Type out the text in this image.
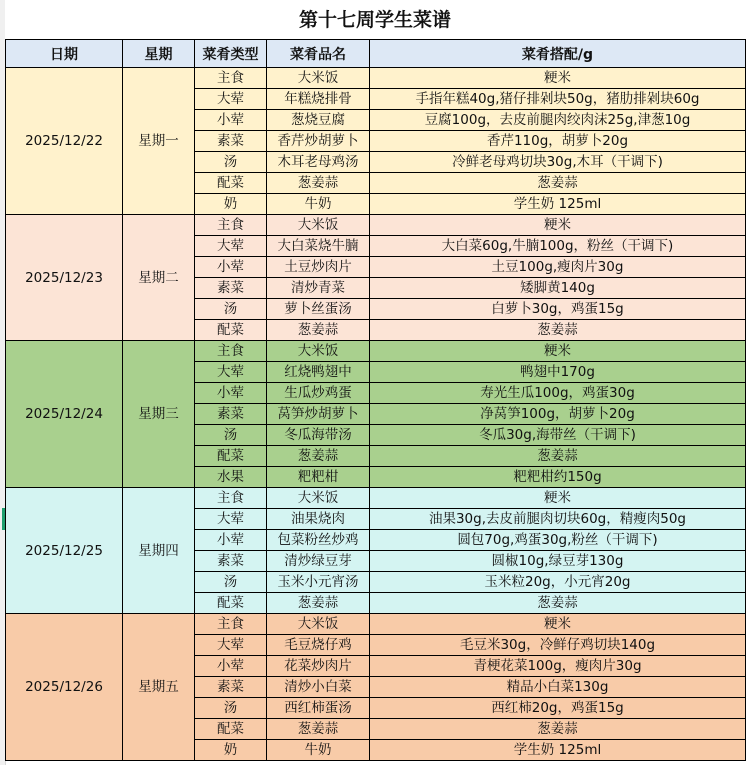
第十七周学生菜谱
日期	星期	菜肴类型	菜肴品名	菜肴搭配/g
2025/12/22	星期一	主食	大米饭	粳米
		大荤	年糕烧排骨	手指年糕40g,猪仔排剁块50g，猪肋排剁块60g
		小荤	葱烧豆腐	豆腐100g，去皮前腿肉绞肉沫25g,津葱10g
		素菜	香芹炒胡萝卜	香芹110g，胡萝卜20g
		汤	木耳老母鸡汤	冷鲜老母鸡切块30g,木耳（干调下)
		配菜	葱姜蒜	葱姜蒜
		奶	牛奶	学生奶 125ml
2025/12/23	星期二	主食	大米饭	粳米
		大荤	大白菜烧牛腩	大白菜60g,牛腩100g，粉丝（干调下)
		小荤	土豆炒肉片	土豆100g,瘦肉片30g
		素菜	清炒青菜	矮脚黄140g
		汤	萝卜丝蛋汤	白萝卜30g，鸡蛋15g
		配菜	葱姜蒜	葱姜蒜
2025/12/24	星期三	主食	大米饭	粳米
		大荤	红烧鸭翅中	鸭翅中170g
		小荤	生瓜炒鸡蛋	寿光生瓜100g，鸡蛋30g
		素菜	莴笋炒胡萝卜	净莴笋100g，胡萝卜20g
		汤	冬瓜海带汤	冬瓜30g,海带丝（干调下)
		配菜	葱姜蒜	葱姜蒜
		水果	粑粑柑	粑粑柑约150g
2025/12/25	星期四	主食	大米饭	粳米
		大荤	油果烧肉	油果30g,去皮前腿肉切块60g，精瘦肉50g
		小荤	包菜粉丝炒鸡	圆包70g,鸡蛋30g,粉丝（干调下)
		素菜	清炒绿豆芽	圆椒10g,绿豆芽130g
		汤	玉米小元宵汤	玉米粒20g，小元宵20g
		配菜	葱姜蒜	葱姜蒜
2025/12/26	星期五	主食	大米饭	粳米
		大荤	毛豆烧仔鸡	毛豆米30g，冷鲜仔鸡切块140g
		小荤	花菜炒肉片	青梗花菜100g，瘦肉片30g
		素菜	清炒小白菜	精品小白菜130g
		汤	西红柿蛋汤	西红柿20g，鸡蛋15g
		配菜	葱姜蒜	葱姜蒜
		奶	牛奶	学生奶 125ml
